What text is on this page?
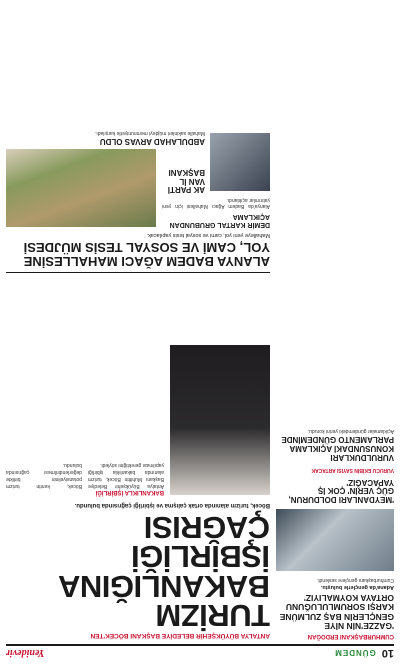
10
GÜNDEM
Yenidevir
CUMHURBAŞKANI ERDOĞAN
'GAZZE'NİN NİYE GENÇLERİN BAŞ ZULMÜNE KARŞI SORUMLULUĞUNU ORTAYA KOYMALIYIZ'
Adana'da gençlerle buluştu.

Cumhurbaşkanı gençlere seslendi.

'MEYDANLARI DOLDURUN, GÜÇ VERİN' ÇOK İŞ YAPACAĞIZ'
VURUCU EKİBİN SAYISI ARTACAK
VURULDUKLARI KONUSUNDAKİ AÇIKLAMA PARLAMENTO GÜNDEMİNDE

Açıklamalar gündemdeki yerini korudu.

ANTALYA BÜYÜKŞEHİR BELEDİYE BAŞKANI BÖCEK'TEN
TURİZM
BAKANLIĞINA
İŞBİRLİĞİ ÇAĞRISI
Böcek, turizm alanında ortak çalışma ve işbirliği çağrısında bulundu.
BAKANLIKLA İŞBİRLİĞİ

Antalya Büyükşehir Belediye Başkanı Muhittin Böcek, turizm alanında bakanlıkla işbirliği yapılması gerektiğini söyledi.

Böcek, kentin turizm potansiyelinin birlikte değerlendirilmesi çağrısında bulundu.

ALANYA BADEM AĞACI MAHALLESİNE YOL, CAMİ VE SOSYAL TESİS MÜJDESİ
Mahalleye yeni yol, cami ve sosyal tesis yapılacak.
DEMİR KARTAL GRUBUNDAN AÇIKLAMA

Alanya'da Badem Ağacı Mahallesi için yeni yatırımlar açıklandı.

AK PARTİ VAN İL BAŞKANI ABDULAHAD ARVAS OLDU

Mahalle sakinleri müjdeyi memnuniyetle karşıladı.
